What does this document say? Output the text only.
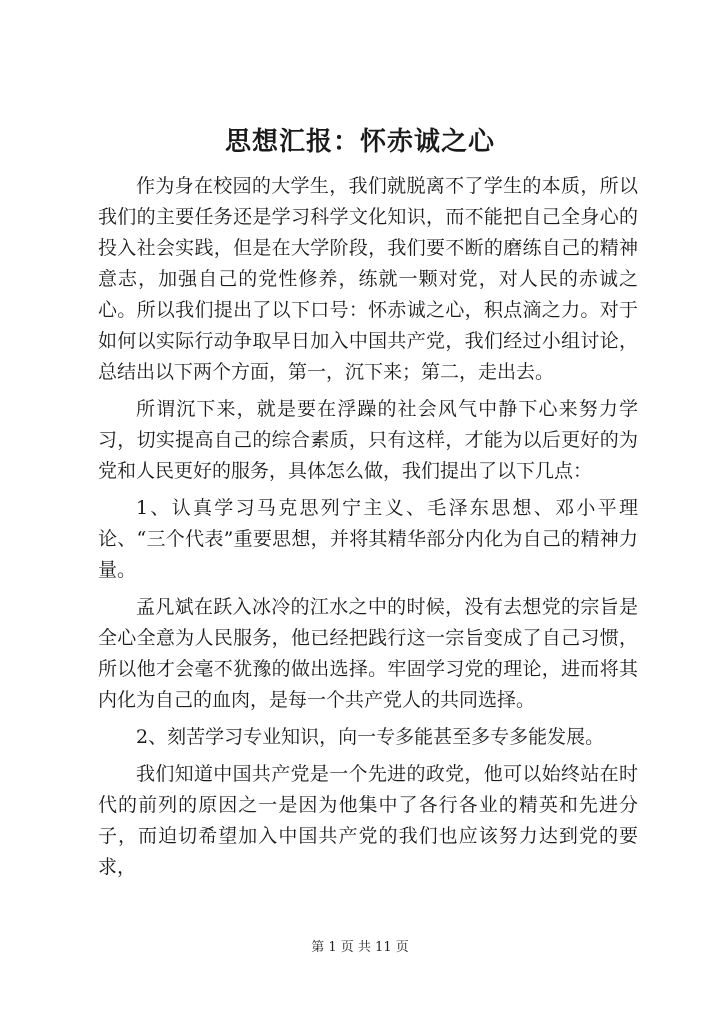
思想汇报：怀赤诚之心

作为身在校园的大学生，我们就脱离不了学生的本质，所以我们的主要任务还是学习科学文化知识，而不能把自己全身心的投入社会实践，但是在大学阶段，我们要不断的磨练自己的精神意志，加强自己的党性修养，练就一颗对党，对人民的赤诚之心。所以我们提出了以下口号：怀赤诚之心，积点滴之力。对于如何以实际行动争取早日加入中国共产党，我们经过小组讨论，总结出以下两个方面，第一，沉下来；第二，走出去。

所谓沉下来，就是要在浮躁的社会风气中静下心来努力学习，切实提高自己的综合素质，只有这样，才能为以后更好的为党和人民更好的服务，具体怎么做，我们提出了以下几点：

1、认真学习马克思列宁主义、毛泽东思想、邓小平理论、“三个代表”重要思想，并将其精华部分内化为自己的精神力量。

孟凡斌在跃入冰冷的江水之中的时候，没有去想党的宗旨是全心全意为人民服务，他已经把践行这一宗旨变成了自己习惯，所以他才会毫不犹豫的做出选择。牢固学习党的理论，进而将其内化为自己的血肉，是每一个共产党人的共同选择。

2、刻苦学习专业知识，向一专多能甚至多专多能发展。

我们知道中国共产党是一个先进的政党，他可以始终站在时代的前列的原因之一是因为他集中了各行各业的精英和先进分子，而迫切希望加入中国共产党的我们也应该努力达到党的要求，

第 1 页 共 11 页
